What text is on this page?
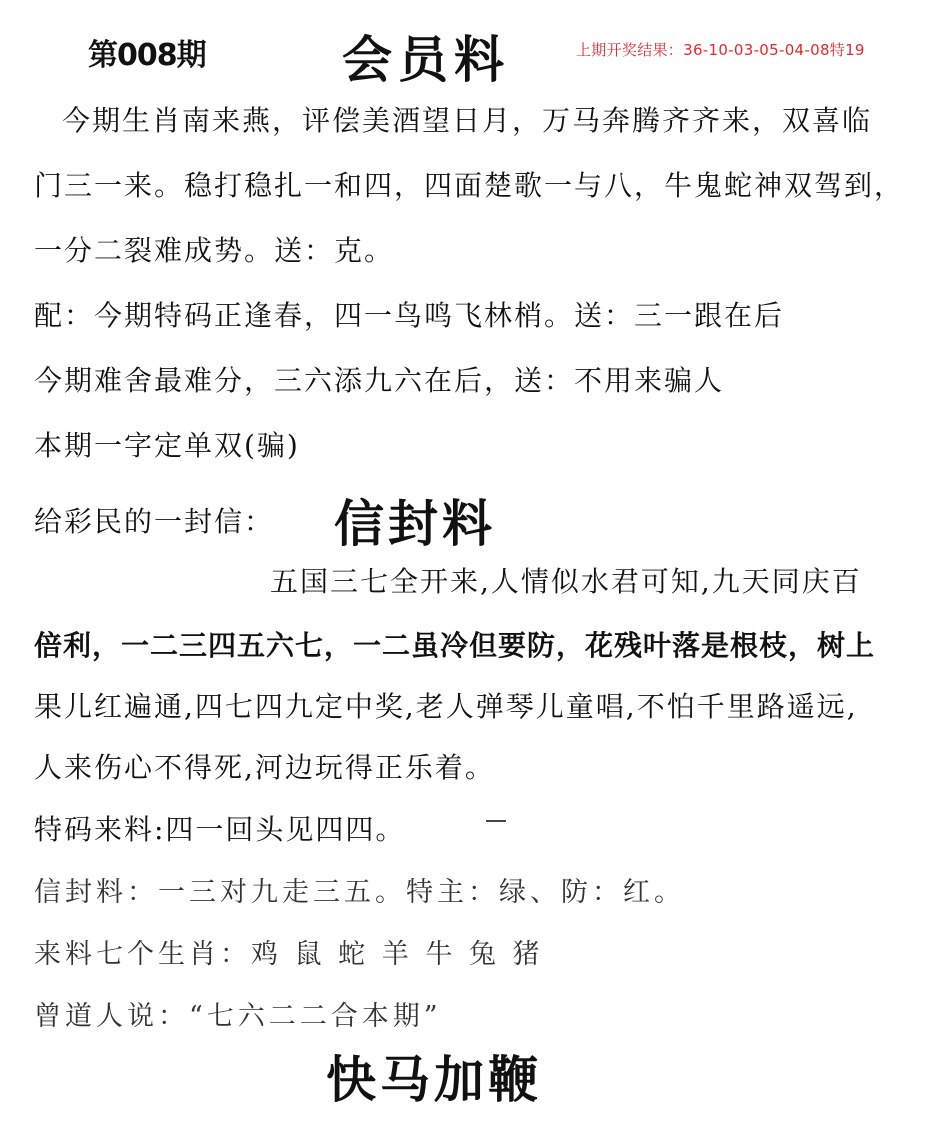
第008期	会员料	上期开奖结果：36-10-03-05-04-08特19
今期生肖南来燕，评偿美酒望日月，万马奔腾齐齐来，双喜临
门三一来。稳打稳扎一和四，四面楚歌一与八，牛鬼蛇神双驾到，
一分二裂难成势。送：克。
配：今期特码正逢春，四一鸟鸣飞林梢。送：三一跟在后
今期难舍最难分，三六添九六在后，送：不用来骗人
本期一字定单双(骗)
给彩民的一封信： 信封料
五国三七全开来,人情似水君可知,九天同庆百
倍利，一二三四五六七，一二虽冷但要防，花残叶落是根枝，树上
果儿红遍通,四七四九定中奖,老人弹琴儿童唱,不怕千里路遥远,
人来伤心不得死,河边玩得正乐着。
特码来料:四一回头见四四。
信封料：一三对九走三五。特主：绿、防：红。
来料七个生肖：鸡 鼠 蛇 羊 牛 兔 猪
曾道人说：“七六二二合本期”
快马加鞭
